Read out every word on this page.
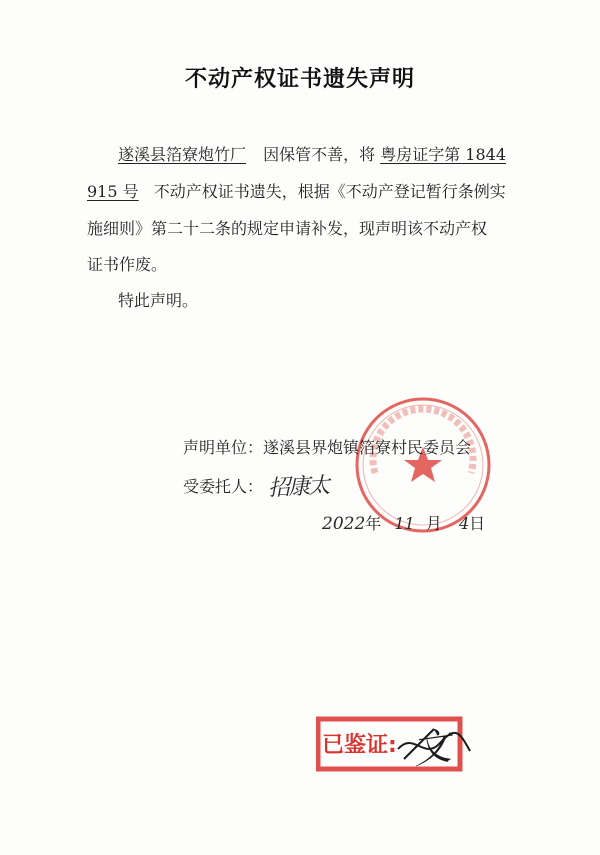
不动产权证书遗失声明
遂溪县箔寮炮竹厂 因保管不善，将 粤房证字第 1844
915 号 不动产权证书遗失，根据《不动产登记暂行条例实
施细则》第二十二条的规定申请补发，现声明该不动产权
证书作废。
特此声明。
声明单位：遂溪县界炮镇箔寮村民委员会
受委托人： 招康太
2022年 11 月 4日
已鉴证: 文
